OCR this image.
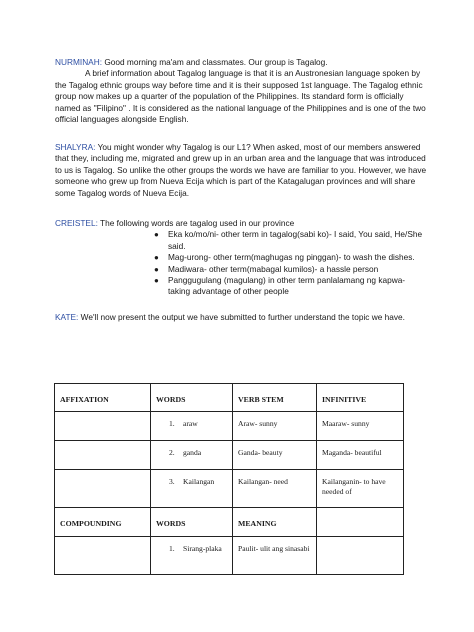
NURMINAH: Good morning ma'am and classmates. Our group is Tagalog.
A brief information about Tagalog language is that it is an Austronesian language spoken by the Tagalog ethnic groups way before time and it is their supposed 1st language. The Tagalog ethnic group now makes up a quarter of the population of the Philippines. Its standard form is officially named as "Filipino" . It is considered as the national language of the Philippines and is one of the two official languages alongside English.
SHALYRA: You might wonder why Tagalog is our L1? When asked, most of our members answered that they, including me, migrated and grew up in an urban area and the language that was introduced to us is Tagalog. So unlike the other groups the words we have are familiar to you. However, we have someone who grew up from Nueva Ecija which is part of the Katagalugan provinces and will share some Tagalog words of Nueva Ecija.
CREISTEL: The following words are tagalog used in our province
● Eka ko/mo/ni- other term in tagalog(sabi ko)- I said, You said, He/She said.
● Mag-urong- other term(maghugas ng pinggan)- to wash the dishes.
● Madiwara- other term(mabagal kumilos)- a hassle person
● Panggugulang (magulang) in other term panlalamang ng kapwa-taking advantage of other people
KATE: We'll now present the output we have submitted to further understand the topic we have.
AFFIXATION	WORDS	VERB STEM	INFINITIVE
	1. araw	Araw- sunny	Maaraw- sunny
	2. ganda	Ganda- beauty	Maganda- beautiful
	3. Kailangan	Kailangan- need	Kailanganin- to have needed of
COMPOUNDING	WORDS	MEANING	
	1. Sirang-plaka	Paulit- ulit ang sinasabi	
